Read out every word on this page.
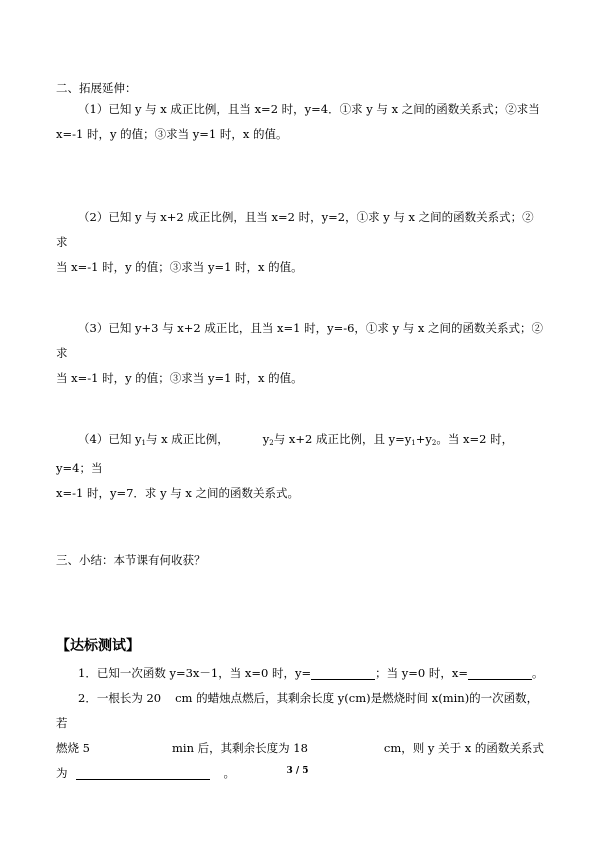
二、拓展延伸：
（1）已知 y 与 x 成正比例，且当 x=2 时，y=4．①求 y 与 x 之间的函数关系式；②求当
x=-1 时，y 的值；③求当 y=1 时，x 的值。
（2）已知 y 与 x+2 成正比例，且当 x=2 时，y=2，①求 y 与 x 之间的函数关系式；②求
当 x=-1 时，y 的值；③求当 y=1 时，x 的值。
（3）已知 y+3 与 x+2 成正比，且当 x=1 时，y=-6，①求 y 与 x 之间的函数关系式；②求
当 x=-1 时，y 的值；③求当 y=1 时，x 的值。
（4）已知 $y_1$与 x 成正比例，	$y_2$与 x+2 成正比例，且 $y=y_1+y_2$。当 x=2 时，y=4；当
x=-1 时，y=7．求 y 与 x 之间的函数关系式。
三、小结：本节课有何收获？
【达标测试】
1．已知一次函数 y=3x－1，当 x=0 时，y=	；当 y=0 时，x=	。
2．一根长为 20 cm 的蜡烛点燃后，其剩余长度 y(cm)是燃烧时间 x(min)的一次函数，若
燃烧 5	min 后，其剩余长度为 18	cm，则 y 关于 x 的函数关系式
为	。	3 / 5
